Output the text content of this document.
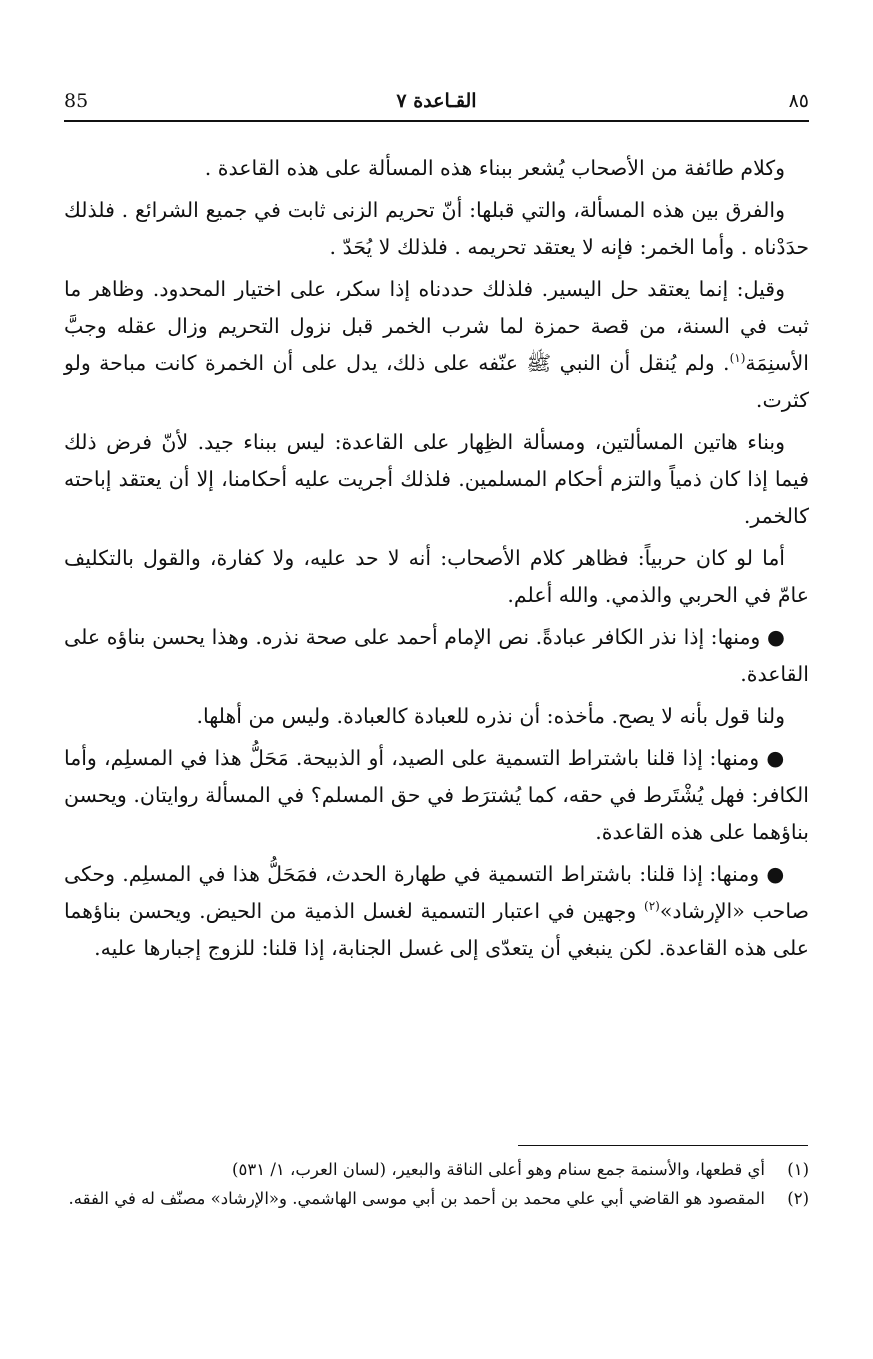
85	القـاعدة ٧	٨٥

وكلام طائفة من الأصحاب يُشعر ببناء هذه المسألة على هذه القاعدة .

والفرق بين هذه المسألة، والتي قبلها: أنّ تحريم الزنى ثابت في جميع الشرائع . فلذلك حدَدْناه . وأما الخمر: فإنه لا يعتقد تحريمه . فلذلك لا يُحَدّ .

وقيل: إنما يعتقد حل اليسير. فلذلك حددناه إذا سكر، على اختيار المحدود. وظاهر ما ثبت في السنة، من قصة حمزة لما شرب الخمر قبل نزول التحريم وزال عقله وجبَّ الأسنِمَة$^{(١)}$. ولم يُنقل أن النبي ﷺ عنّفه على ذلك، يدل على أن الخمرة كانت مباحة ولو كثرت.

وبناء هاتين المسألتين، ومسألة الظِهار على القاعدة: ليس ببناء جيد. لأنّ فرض ذلك فيما إذا كان ذمياً والتزم أحكام المسلمين. فلذلك أجريت عليه أحكامنا، إلا أن يعتقد إباحته كالخمر.

أما لو كان حربياً: فظاهر كلام الأصحاب: أنه لا حد عليه، ولا كفارة، والقول بالتكليف عامّ في الحربي والذمي. والله أعلم.

● ومنها: إذا نذر الكافر عبادةً. نص الإمام أحمد على صحة نذره. وهذا يحسن بناؤه على القاعدة.

ولنا قول بأنه لا يصح. مأخذه: أن نذره للعبادة كالعبادة. وليس من أهلها.

● ومنها: إذا قلنا باشتراط التسمية على الصيد، أو الذبيحة. مَحَلُّ هذا في المسلِم، وأما الكافر: فهل يُشْتَرط في حقه، كما يُشترَط في حق المسلم؟ في المسألة روايتان. ويحسن بناؤهما على هذه القاعدة.

● ومنها: إذا قلنا: باشتراط التسمية في طهارة الحدث، فمَحَلُّ هذا في المسلِم. وحكى صاحب «الإرشاد»$^{(٢)}$ وجهين في اعتبار التسمية لغسل الذمية من الحيض. ويحسن بناؤهما على هذه القاعدة. لكن ينبغي أن يتعدّى إلى غسل الجنابة، إذا قلنا: للزوج إجبارها عليه.

(١)
أي قطعها، والأسنمة جمع سنام وهو أعلى الناقة والبعير، (لسان العرب، ١/ ٥٣١)
(٢)
المقصود هو القاضي أبي علي محمد بن أحمد بن أبي موسى الهاشمي. و«الإرشاد» مصنّف له في الفقه.
